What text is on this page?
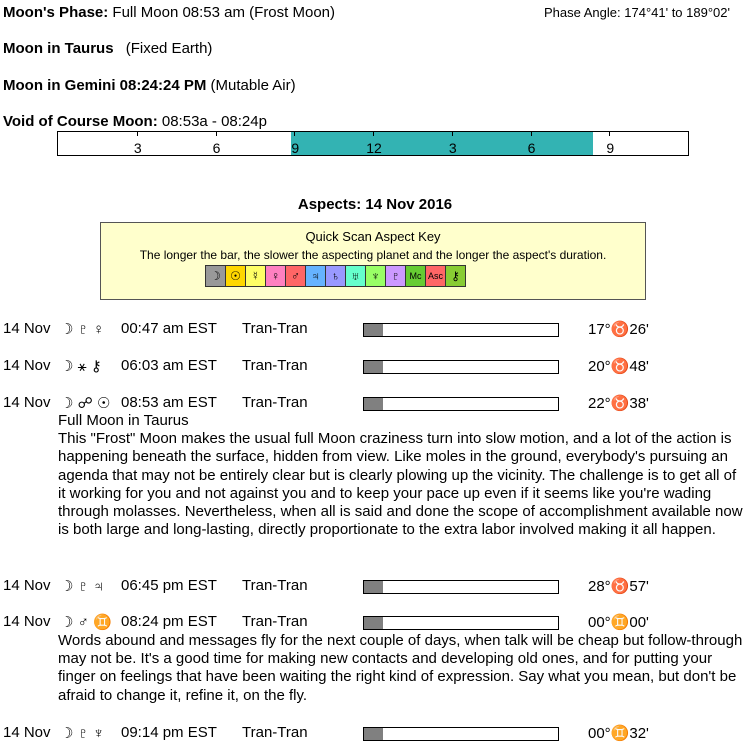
Moon's Phase: Full Moon 08:53 am (Frost Moon)	Phase Angle: 174°41' to 189°02'
Moon in Taurus (Fixed Earth)
Moon in Gemini 08:24:24 PM (Mutable Air)
Void of Course Moon: 08:53a - 08:24p
3	6	9	12	3	6	9
Aspects: 14 Nov 2016
Quick Scan Aspect Key
The longer the bar, the slower the aspecting planet and the longer the aspect's duration.
☽ ☉ ☿ ♀ ♂ ♃ ♄ ♅ ♆ ♇	Mc Asc ⚷
14 Nov ☽ ♇ ♀ 00:47 am EST Tran-Tran	17°♉26'
14 Nov ☽ ⚹ ⚷ 06:03 am EST Tran-Tran	20°♉48'
14 Nov ☽ ☍ ☉ 08:53 am EST Tran-Tran	22°♉38'
Full Moon in Taurus
This "Frost" Moon makes the usual full Moon craziness turn into slow motion, and a lot of the action is happening beneath the surface, hidden from view. Like moles in the ground, everybody's pursuing an agenda that may not be entirely clear but is clearly plowing up the vicinity. The challenge is to get all of it working for you and not against you and to keep your pace up even if it seems like you're wading through molasses. Nevertheless, when all is said and done the scope of accomplishment available now is both large and long-lasting, directly proportionate to the extra labor involved making it all happen.
14 Nov ☽ ♇ ♃ 06:45 pm EST Tran-Tran	28°♉57'
14 Nov ☽ ♂ ♊ 08:24 pm EST Tran-Tran	00°♊00'
Words abound and messages fly for the next couple of days, when talk will be cheap but follow-through may not be. It's a good time for making new contacts and developing old ones, and for putting your finger on feelings that have been waiting the right kind of expression. Say what you mean, but don't be afraid to change it, refine it, on the fly.
14 Nov ☽ ♇ ♆ 09:14 pm EST Tran-Tran	00°♊32'
